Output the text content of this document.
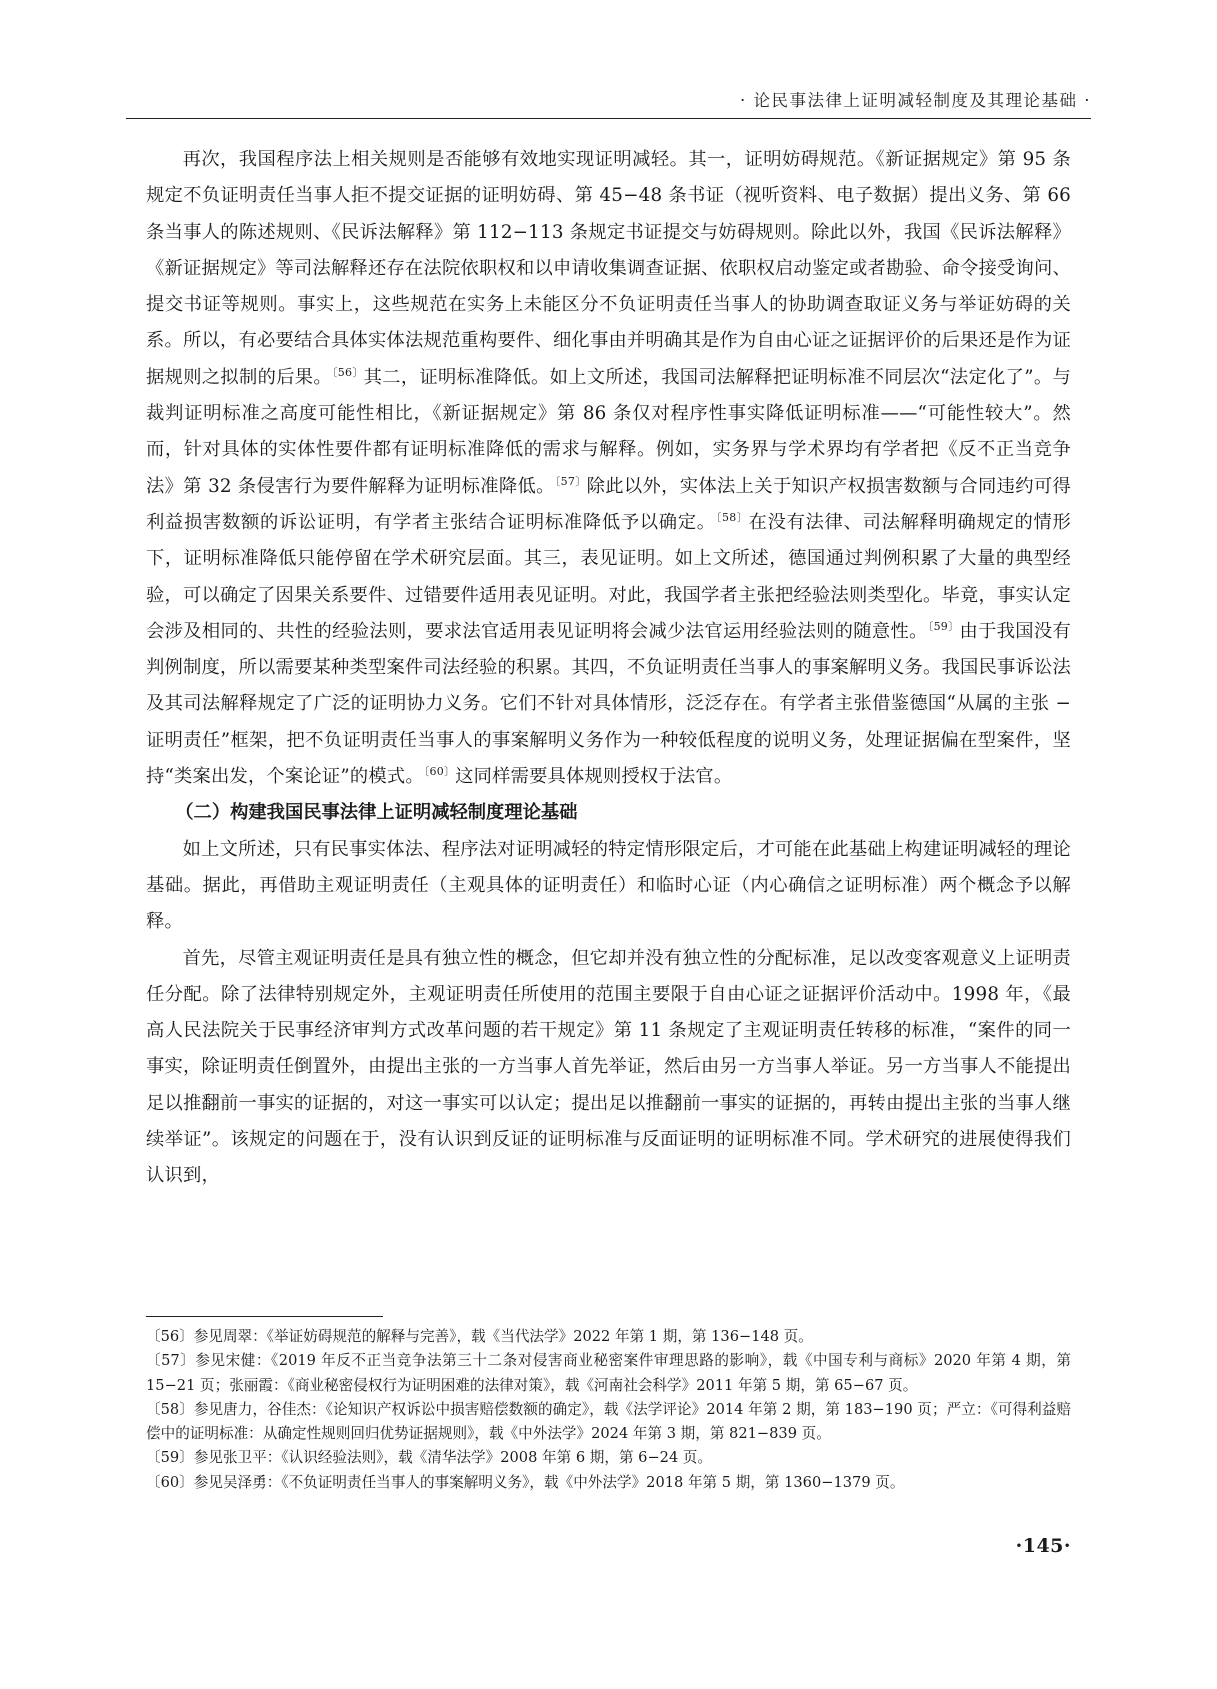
· 论民事法律上证明减轻制度及其理论基础 ·

再次，我国程序法上相关规则是否能够有效地实现证明减轻。其一，证明妨碍规范。《新证据规定》第 95 条规定不负证明责任当事人拒不提交证据的证明妨碍、第 45−48 条书证（视听资料、电子数据）提出义务、第 66 条当事人的陈述规则、《民诉法解释》第 112−113 条规定书证提交与妨碍规则。除此以外，我国《民诉法解释》《新证据规定》等司法解释还存在法院依职权和以申请收集调查证据、依职权启动鉴定或者勘验、命令接受询问、提交书证等规则。事实上，这些规范在实务上未能区分不负证明责任当事人的协助调查取证义务与举证妨碍的关系。所以，有必要结合具体实体法规范重构要件、细化事由并明确其是作为自由心证之证据评价的后果还是作为证据规则之拟制的后果。$^{〔56〕}$其二，证明标准降低。如上文所述，我国司法解释把证明标准不同层次“法定化了”。与裁判证明标准之高度可能性相比，《新证据规定》第 86 条仅对程序性事实降低证明标准——“可能性较大”。然而，针对具体的实体性要件都有证明标准降低的需求与解释。例如，实务界与学术界均有学者把《反不正当竞争法》第 32 条侵害行为要件解释为证明标准降低。$^{〔57〕}$除此以外，实体法上关于知识产权损害数额与合同违约可得利益损害数额的诉讼证明，有学者主张结合证明标准降低予以确定。$^{〔58〕}$在没有法律、司法解释明确规定的情形下，证明标准降低只能停留在学术研究层面。其三，表见证明。如上文所述，德国通过判例积累了大量的典型经验，可以确定了因果关系要件、过错要件适用表见证明。对此，我国学者主张把经验法则类型化。毕竟，事实认定会涉及相同的、共性的经验法则，要求法官适用表见证明将会减少法官运用经验法则的随意性。$^{〔59〕}$由于我国没有判例制度，所以需要某种类型案件司法经验的积累。其四，不负证明责任当事人的事案解明义务。我国民事诉讼法及其司法解释规定了广泛的证明协力义务。它们不针对具体情形，泛泛存在。有学者主张借鉴德国“从属的主张 − 证明责任”框架，把不负证明责任当事人的事案解明义务作为一种较低程度的说明义务，处理证据偏在型案件，坚持“类案出发，个案论证”的模式。$^{〔60〕}$这同样需要具体规则授权于法官。

（二）构建我国民事法律上证明减轻制度理论基础

如上文所述，只有民事实体法、程序法对证明减轻的特定情形限定后，才可能在此基础上构建证明减轻的理论基础。据此，再借助主观证明责任（主观具体的证明责任）和临时心证（内心确信之证明标准）两个概念予以解释。

首先，尽管主观证明责任是具有独立性的概念，但它却并没有独立性的分配标准，足以改变客观意义上证明责任分配。除了法律特别规定外，主观证明责任所使用的范围主要限于自由心证之证据评价活动中。1998 年，《最高人民法院关于民事经济审判方式改革问题的若干规定》第 11 条规定了主观证明责任转移的标准，“案件的同一事实，除证明责任倒置外，由提出主张的一方当事人首先举证，然后由另一方当事人举证。另一方当事人不能提出足以推翻前一事实的证据的，对这一事实可以认定；提出足以推翻前一事实的证据的，再转由提出主张的当事人继续举证”。该规定的问题在于，没有认识到反证的证明标准与反面证明的证明标准不同。学术研究的进展使得我们认识到，

〔56〕参见周翠：《举证妨碍规范的解释与完善》，载《当代法学》2022 年第 1 期，第 136−148 页。

〔57〕参见宋健：《2019 年反不正当竞争法第三十二条对侵害商业秘密案件审理思路的影响》，载《中国专利与商标》2020 年第 4 期，第 15−21 页；张丽霞：《商业秘密侵权行为证明困难的法律对策》，载《河南社会科学》2011 年第 5 期，第 65−67 页。

〔58〕参见唐力，谷佳杰：《论知识产权诉讼中损害赔偿数额的确定》，载《法学评论》2014 年第 2 期，第 183−190 页；严立：《可得利益赔偿中的证明标准：从确定性规则回归优势证据规则》，载《中外法学》2024 年第 3 期，第 821−839 页。

〔59〕参见张卫平：《认识经验法则》，载《清华法学》2008 年第 6 期，第 6−24 页。

〔60〕参见吴泽勇：《不负证明责任当事人的事案解明义务》，载《中外法学》2018 年第 5 期，第 1360−1379 页。

·145·
